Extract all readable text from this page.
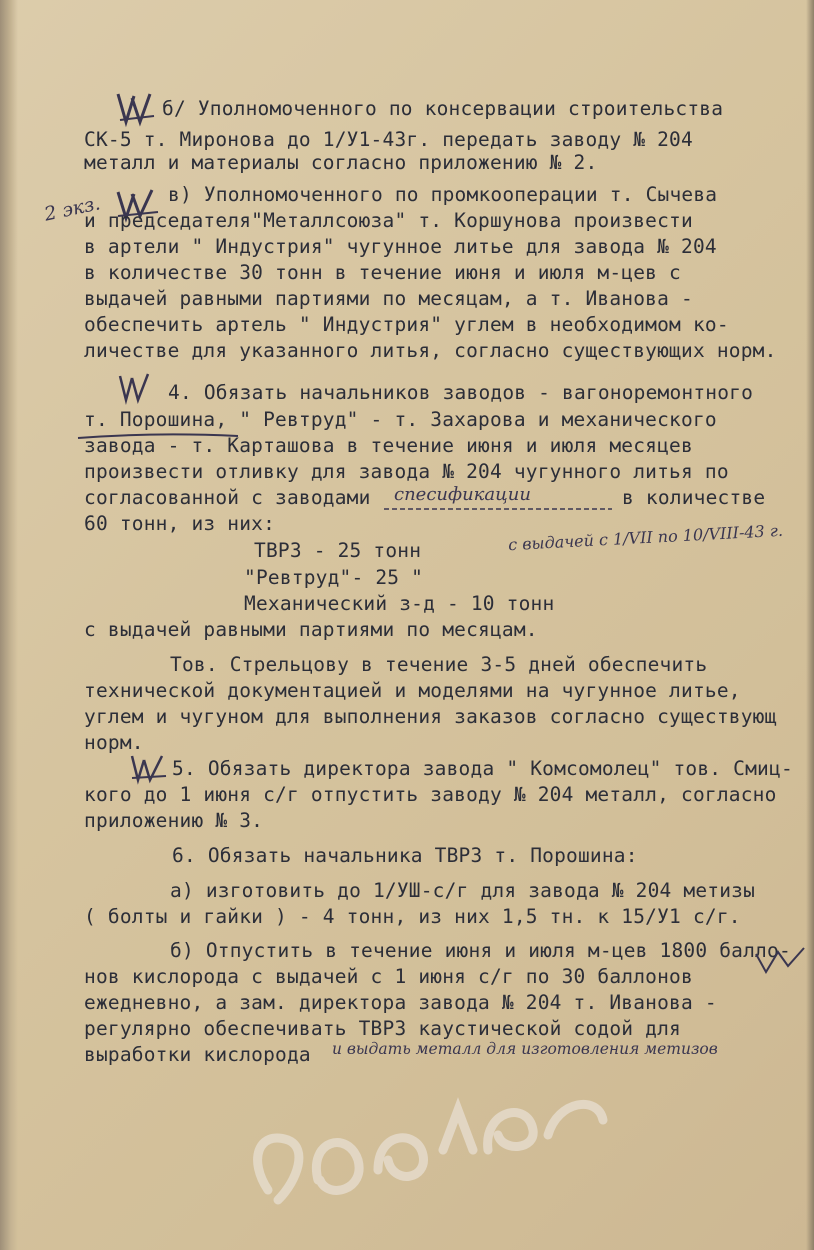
2 экз.
б/ Уполномоченного по консервации строительства
СК-5 т. Миронова до 1/У1-43г. передать заводу № 204
металл и материалы согласно приложению № 2.
в) Уполномоченного по промкооперации т. Сычева
и председателя"Металлсоюза" т. Коршунова произвести
в артели " Индустрия" чугунное литье для завода № 204
в количестве 30 тонн в течение июня и июля м-цев с
выдачей равными партиями по месяцам, а т. Иванова -
обеспечить артель " Индустрия" углем в необходимом ко-
личестве для указанного литья, согласно существующих норм.
4. Обязать начальников заводов - вагоноремонтного
т. Порошина, " Ревтруд" - т. Захарова и механического
завода - т. Карташова в течение июня и июля месяцев
произвести отливку для завода № 204 чугунного литья по
согласованной с заводами спесификации	в количестве
60 тонн, из них:
ТВРЗ - 25 тонн	с выдачей с 1/VII по 10/VIII-43 г.
"Ревтруд"- 25 "
Механический з-д - 10 тонн
с выдачей равными партиями по месяцам.
Тов. Стрельцову в течение 3-5 дней обеспечить
технической документацией и моделями на чугунное литье,
углем и чугуном для выполнения заказов согласно существующ
норм.
5. Обязать директора завода " Комсомолец" тов. Смиц-
кого до 1 июня с/г отпустить заводу № 204 металл, согласно
приложению № 3.
6. Обязать начальника ТВРЗ т. Порошина:
а) изготовить до 1/УШ-с/г для завода № 204 метизы
( болты и гайки ) - 4 тонн, из них 1,5 тн. к 15/У1 с/г.
б) Отпустить в течение июня и июля м-цев 1800 балло-
нов кислорода с выдачей с 1 июня с/г по 30 баллонов
ежедневно, а зам. директора завода № 204 т. Иванова -
регулярно обеспечивать ТВРЗ каустической содой для
выработки кислорода и выдать металл для изготовления метизов
